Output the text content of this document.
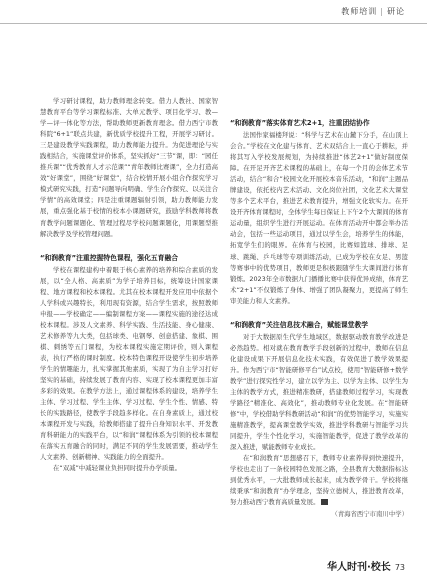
教师培训 | 研论

学习研讨课程，助力教师理念转变。借力人教社、国家智慧教育平台等学习课程标准、大单元教学、项目化学习、教—学—评一体化等方法，帮助教师更新教育理念。借力西宁市教科院“6+1”联点共建，新优质学校提升工程，开展学习研讨。三是建设教学实践课程，助力教师能力提升。为促进理论与实践相结合，实施课堂评价体系，坚实抓好“三节”课，即：“园任推兵课”“优秀教育人才示范课”“青年教师比赛课”，全力打造高效“好课堂”，围绕“好课堂”，结合校情开展小组合作探究学习模式研究实践，打造“问题导向明确、学生合作探究、以关注合学情”的高效课堂；四是注重课题辐射引领，助力教师能力发展，重点强化基于校情的校本小课题研究，鼓励学科教师将教育教学问题课题化、管理过程尽学校问题课题化，用课题型推解决教学及学校管理问题。

“和润教育”注重控握特色课程，强化五育融合

学校在课程建构中着眼于核心素养的培养和综合素质的发展，以“全人格、高素质”为学子培养目标，统筹设计国家课程、地方课程和校本课程。尤其在校本课程开发应用中依据个人学科或兴趣特长，利用现有资源，结合学生需求，按照教师申报——学校确定——编制课程方案——课程实施的途径达成校本课程。涉及人文素养、科学实践、生活技能、身心健康、艺术修养等九大类，包括球类、电钢琴、创意搭建、象棋、围棋、刺绣等五门课程，为校本课程实施定期评价，则入课程表，执行严格的课时制度。校本特色课程开设使学生初步培养学生的情趣能力，扎实掌握其他素质，实现了为自主学习打好坚实的基础，持续发展了教育内容、实现了校本课程更加丰富多彩的效果。在教学方法上，通过课程体系的建设，培养学生主体、学习过程、学生主体、学习过程、学生个性、情感、特长的实践路径，使教学手段趋多样化。在自身素质上，通过校本课程开发与实践，给教师搭建了提升自身知识水平、开发教育科研能力的实践平台，以“和润”课程体系为引领的校本课程在落实五育融合的同时，满足不同的学生发展需要，推动学生人文素养、创新精神、实践能力的全面提升。

在“双减”中减轻课业负担同时提升办学质量。

“和润教育”落实体育艺术2+1，注重团结协作

法国作家福楼拜说：“科学与艺术在山麓下分手，在山顶上会合。”学校在文化建与体育、艺术双结合上一直心于耕耘，并将其写入学校发展规划，为持续推进“体艺2+1”做好制度保障。在开足开齐艺术课程的基础上，在每一个月的会体艺术节活动，结合“和合”校园文化开展校本音乐活动，“和润”主题品牌建设，依托校内艺术活动、文化岗位社团，文化艺术大课堂等多个艺术平台，推进艺术教育提升，增强文化软实力。在开设开齐体育课程时，全体学生每日保证上下午2个大课间的体育运动量，组织学生进行开展运动。在体育活动开中都会举办活动会，包括一些运动项目，通过以学生会，培养学生的体能，拓宽学生们的眼界。在体育与校园，比赛如篮球、排球、足球、跳绳、乒乓球等专项训练活动，已成为学校在女足、男篮等赛事中的优势项目，教师更是积极跟随学生大课间进行体育锻炼。2023年全市数据九门播播比赛中获得优异成绩，体育艺术“2+1”不仅锻炼了身体、增强了团队凝聚力，更提高了师生审美能力和人文素养。

“和润教育”关注信息技术融合，赋能课堂教学

对于大数据原生代学生地域区，数据驱动教育教学改进是必然趋势。相对就在教育教学手段创新的过程中，教师在信息化建设成果下开展信息化技术实践，有效促进了教学效果提升。作为西宁市“智能研修平台”试点校，使用“智能研修+数学教学”进行探究性学习，建立以学为主、以学为主体、以学生为主体的教学方式，推进精准教研，搭建教师过程学习，实现教学路径“精准化、高效化”，推动教师专业化发展。在“智能研修”中，学校借助学科教研活动“和润”的优势智能学习，实施实施精准教学，提高课堂教学实效，推进学科教研与智能学习共同提升，学生个性化学习，实施智能教学，促进了教学改革的深入推进，赋能教师专业成长。

在“和润教育”思想感召下，教师专业素养得到快速提升，学校也走出了一条校园特色发展之路，全县教育大数据指标达到优秀水平，一大批教师成长起来，成为教学骨干。学校将继续秉承“和润教育”办学理念，坚持立德树人，推进教育改革，努力推动西宁教育高质量发展。

（青海省西宁市南川中学）

华人时刊·校长 73
